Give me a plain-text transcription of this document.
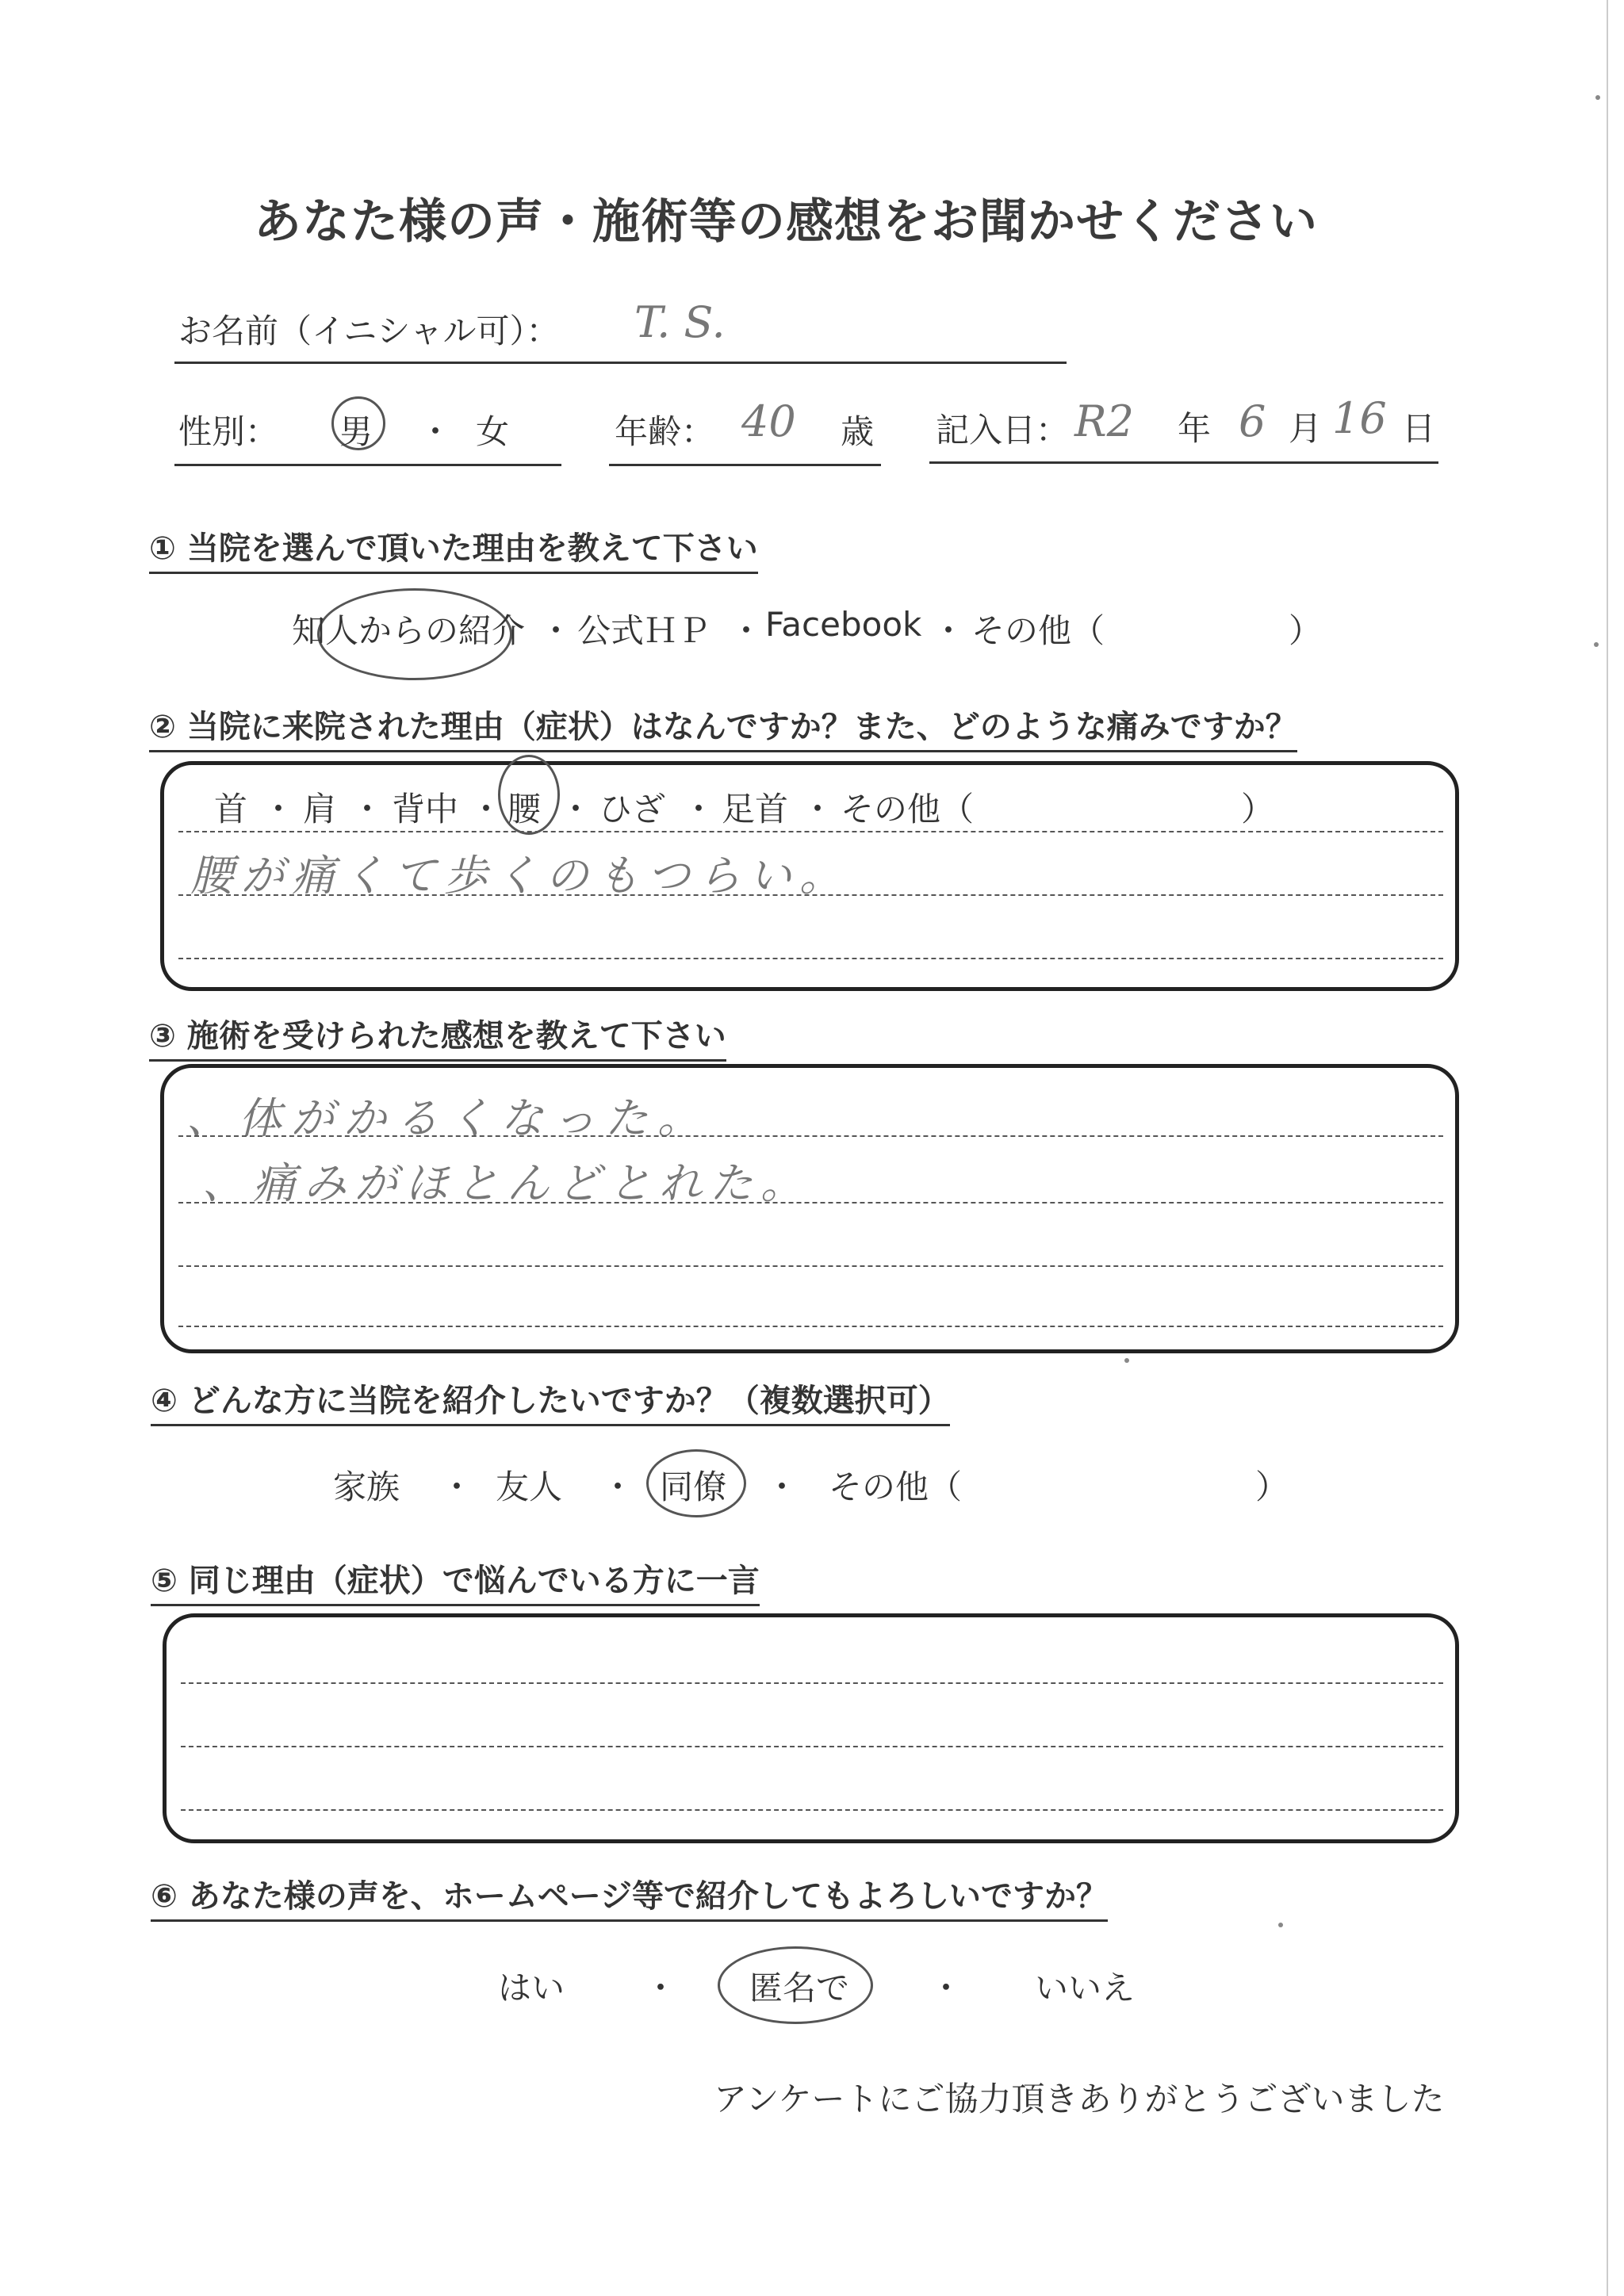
あなた様の声・施術等の感想をお聞かせください
お名前（イニシャル可）： T. S.
性別： 男 ・ 女	年齢： 40 歳 記入日： R2 年 6 月 16 日
① 当院を選んで頂いた理由を教えて下さい
知人からの紹介 ・ 公式ＨＰ ・ Facebook ・ その他（	）
② 当院に来院された理由（症状）はなんですか？また、どのような痛みですか？
首 ・ 肩 ・ 背中 ・ 腰 ・ ひざ ・ 足首 ・ その他（	）
腰が痛くて歩くのもつらい。
③ 施術を受けられた感想を教えて下さい
、体がかるくなった。
、痛みがほとんどとれた。
④ どんな方に当院を紹介したいですか？（複数選択可）
家族 ・ 友人 ・ 同僚 ・ その他（	）
⑤ 同じ理由（症状）で悩んでいる方に一言
⑥ あなた様の声を、ホームページ等で紹介してもよろしいですか？
はい ・ 匿名で ・ いいえ
アンケートにご協力頂きありがとうございました
